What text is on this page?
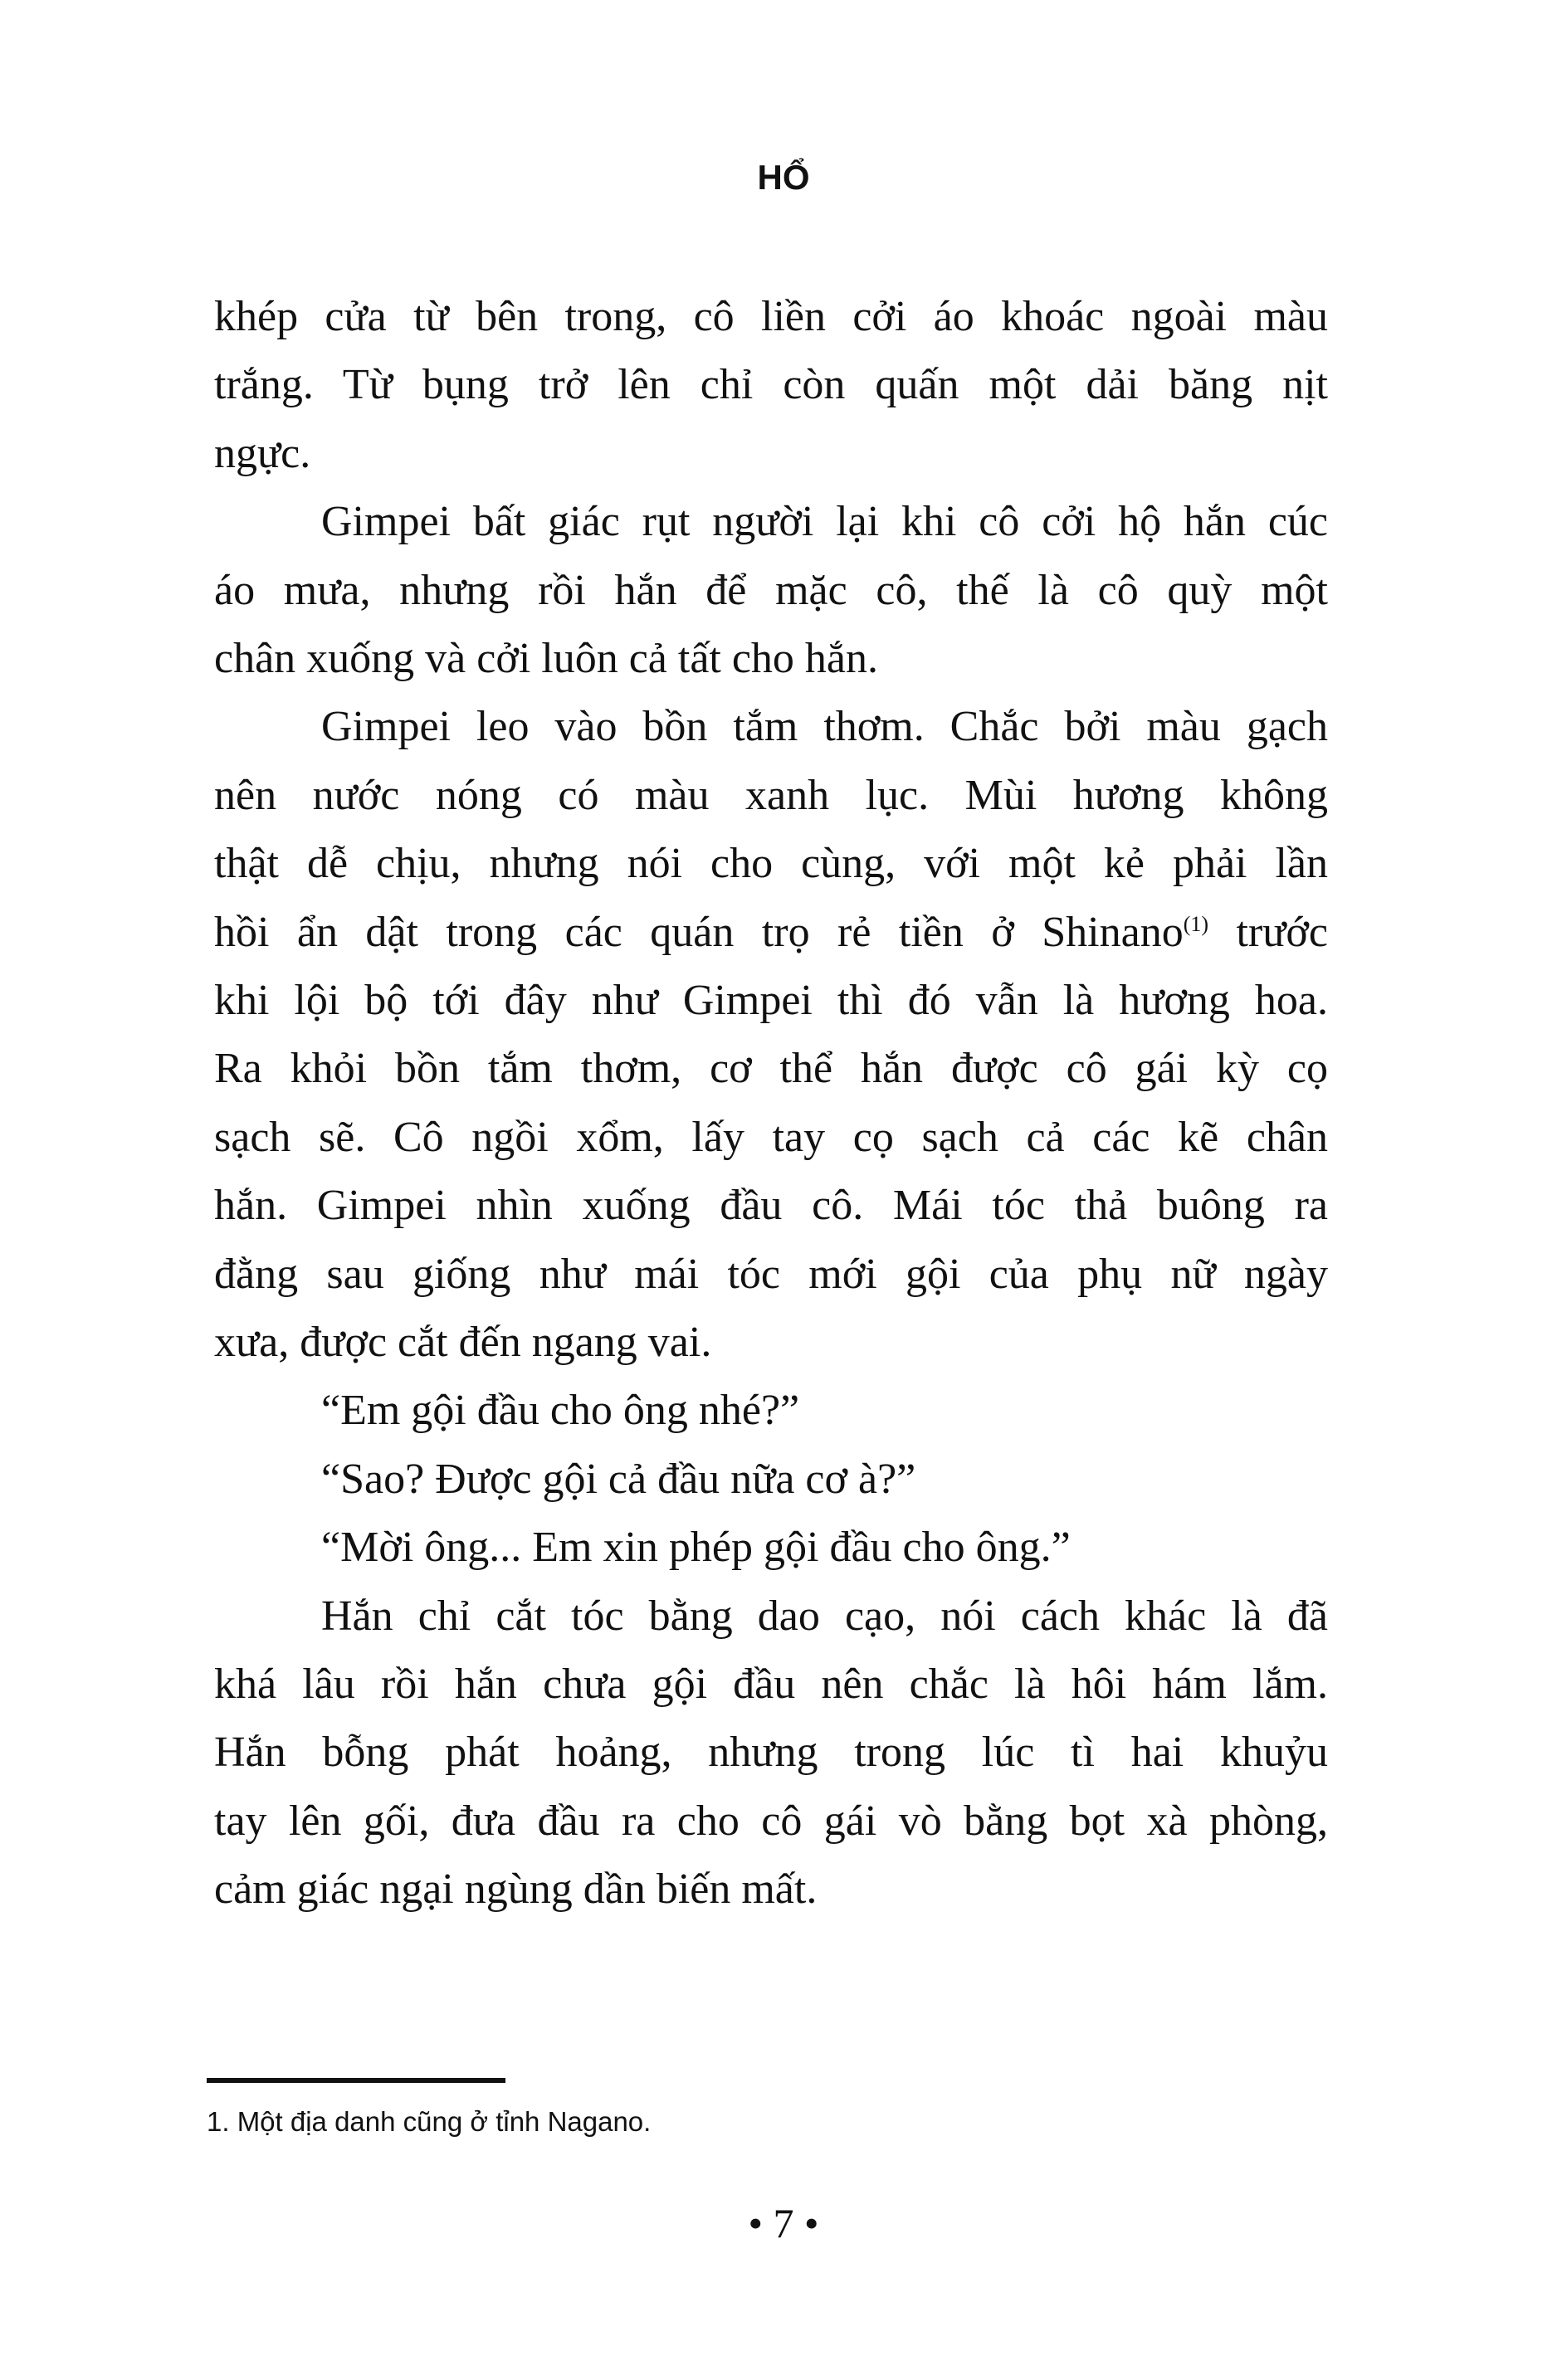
HỔ
khép cửa từ bên trong, cô liền cởi áo khoác ngoài màu
trắng. Từ bụng trở lên chỉ còn quấn một dải băng nịt
ngực.
Gimpei bất giác rụt người lại khi cô cởi hộ hắn cúc
áo mưa, nhưng rồi hắn để mặc cô, thế là cô quỳ một
chân xuống và cởi luôn cả tất cho hắn.
Gimpei leo vào bồn tắm thơm. Chắc bởi màu gạch
nên nước nóng có màu xanh lục. Mùi hương không
thật dễ chịu, nhưng nói cho cùng, với một kẻ phải lần
hồi ẩn dật trong các quán trọ rẻ tiền ở Shinano$^{(1)}$ trước
khi lội bộ tới đây như Gimpei thì đó vẫn là hương hoa.
Ra khỏi bồn tắm thơm, cơ thể hắn được cô gái kỳ cọ
sạch sẽ. Cô ngồi xổm, lấy tay cọ sạch cả các kẽ chân
hắn. Gimpei nhìn xuống đầu cô. Mái tóc thả buông ra
đằng sau giống như mái tóc mới gội của phụ nữ ngày
xưa, được cắt đến ngang vai.
“Em gội đầu cho ông nhé?”
“Sao? Được gội cả đầu nữa cơ à?”
“Mời ông... Em xin phép gội đầu cho ông.”
Hắn chỉ cắt tóc bằng dao cạo, nói cách khác là đã
khá lâu rồi hắn chưa gội đầu nên chắc là hôi hám lắm.
Hắn bỗng phát hoảng, nhưng trong lúc tì hai khuỷu
tay lên gối, đưa đầu ra cho cô gái vò bằng bọt xà phòng,
cảm giác ngại ngùng dần biến mất.
1. Một địa danh cũng ở tỉnh Nagano.
• 7 •
